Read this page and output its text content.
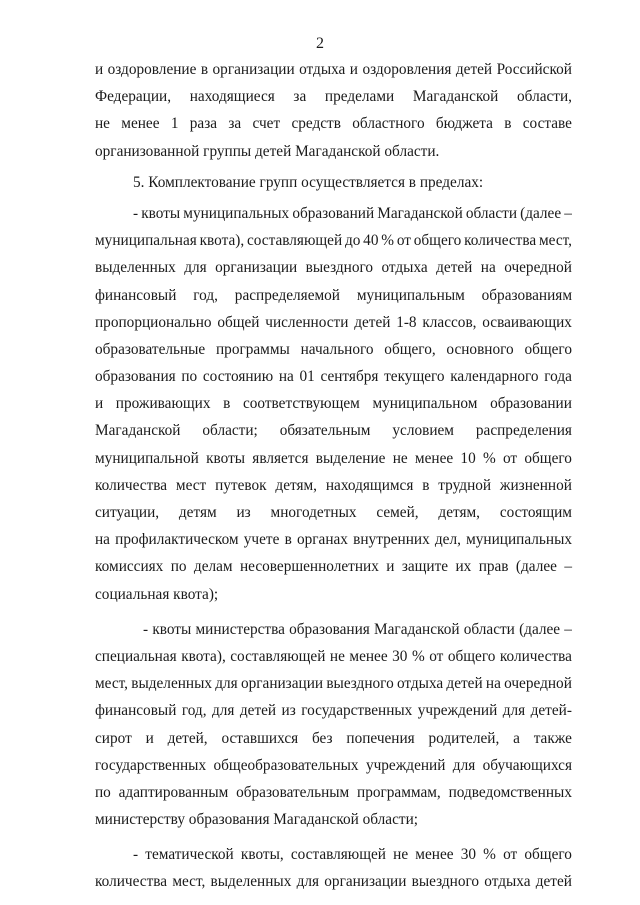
2
и оздоровление в организации отдыха и оздоровления детей Российской
Федерации, находящиеся за пределами Магаданской области,
не менее 1 раза за счет средств областного бюджета в составе
организованной группы детей Магаданской области.
5. Комплектование групп осуществляется в пределах:
- квоты муниципальных образований Магаданской области (далее –
муниципальная квота), составляющей до 40 % от общего количества мест,
выделенных для организации выездного отдыха детей на очередной
финансовый год, распределяемой муниципальным образованиям
пропорционально общей численности детей 1-8 классов, осваивающих
образовательные программы начального общего, основного общего
образования по состоянию на 01 сентября текущего календарного года
и проживающих в соответствующем муниципальном образовании
Магаданской области; обязательным условием распределения
муниципальной квоты является выделение не менее 10 % от общего
количества мест путевок детям, находящимся в трудной жизненной
ситуации, детям из многодетных семей, детям, состоящим
на профилактическом учете в органах внутренних дел, муниципальных
комиссиях по делам несовершеннолетних и защите их прав (далее –
социальная квота);
- квоты министерства образования Магаданской области (далее –
специальная квота), составляющей не менее 30 % от общего количества
мест, выделенных для организации выездного отдыха детей на очередной
финансовый год, для детей из государственных учреждений для детей-
сирот и детей, оставшихся без попечения родителей, а также
государственных общеобразовательных учреждений для обучающихся
по адаптированным образовательным программам, подведомственных
министерству образования Магаданской области;
- тематической квоты, составляющей не менее 30 % от общего
количества мест, выделенных для организации выездного отдыха детей
